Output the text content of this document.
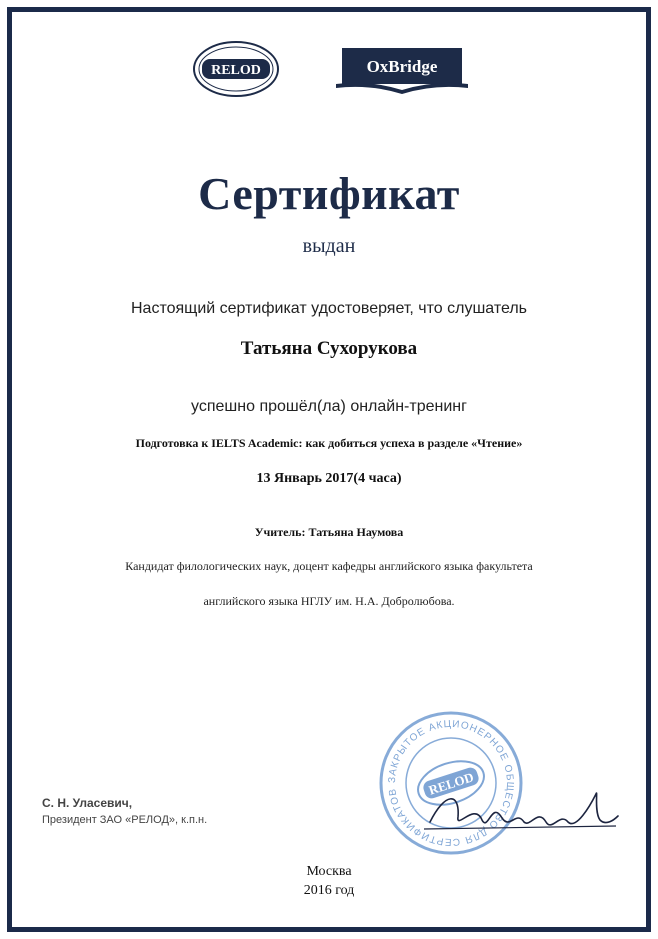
RELOD	OxBridge
Сертификат
выдан
Настоящий сертификат удостоверяет, что слушатель
Татьяна Сухорукова
успешно прошёл(ла) онлайн-тренинг
Подготовка к IELTS Academic: как добиться успеха в разделе «Чтение»
13 Январь 2017(4 часа)
Учитель: Татьяна Наумова
Кандидат филологических наук, доцент кафедры английского языка факультета
английского языка НГЛУ им. Н.А. Добролюбова.
С. Н. Уласевич,
Президент ЗАО «РЕЛОД», к.п.н.
ЗАКРЫТОЕ АКЦИОНЕРНОЕ ОБЩЕСТВО ДЛЯ СЕРТИФИКАТОВ	RELOD
Москва
2016 год
